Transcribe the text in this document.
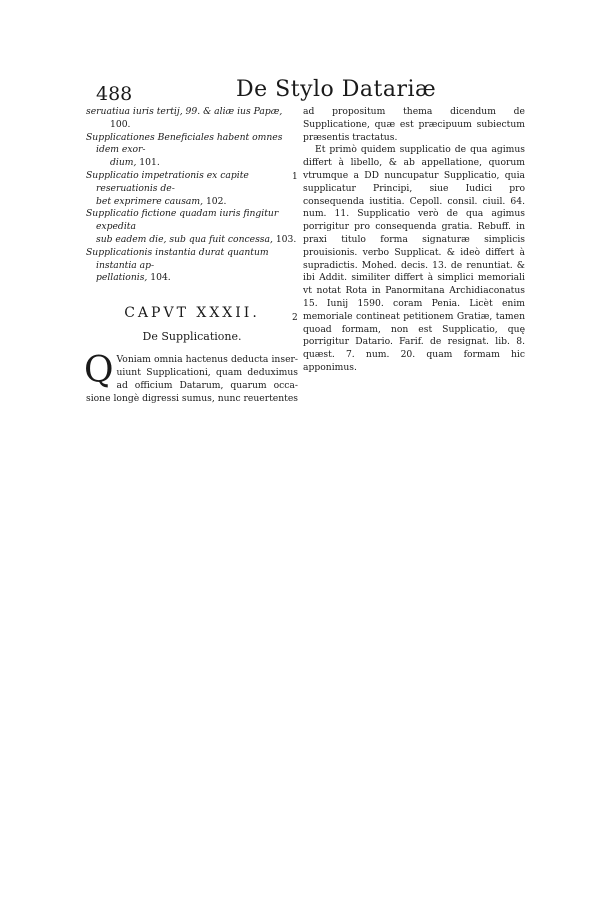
488	De Stylo Datariæ

seruatiua iuris tertij, 99. & aliæ ius Papæ,

100.

Supplicationes Beneficiales habent omnes idem exor-

dium, 101.

Supplicatio impetrationis ex capite reseruationis de-

bet exprimere causam, 102.

Supplicatio fictione quadam iuris fingitur expedita

sub eadem die, sub qua fuit concessa, 103.

Supplicationis instantia durat quantum instantia ap-

pellationis, 104.

CAPVT XXXII.
De Supplicatione.

Q Voniam omnia hactenus deducta inser-uiunt Supplicationi, quam deduximus ad officium Datarum, quarum occa-sione longè digressi sumus, nunc reuertentes

ad propositum thema dicendum de Supplicatione, quæ est præcipuum subiectum præsentis tractatus.

1
2

Et primò quidem supplicatio de qua agimus differt à libello, & ab appellatione, quorum vtrumque a DD nuncupatur Supplicatio, quia supplicatur Principi, siue Iudici pro consequenda iustitia. Cepoll. consil. ciuil. 64. num. 11. Supplicatio verò de qua agimus porrigitur pro consequenda gratia. Rebuff. in praxi titulo forma signaturæ simplicis prouisionis. verbo Supplicat. & ideò differt à supradictis. Mohed. decis. 13. de renuntiat. & ibi Addit. similiter differt à simplici memoriali vt notat Rota in Panormitana Archidiaconatus 15. Iunij 1590. coram Penia. Licèt enim memoriale contineat petitionem Gratiæ, tamen quoad formam, non est Supplicatio, quę porrigitur Datario. Farif. de resignat. lib. 8. quæst. 7. num. 20. quam formam hic apponimus.
